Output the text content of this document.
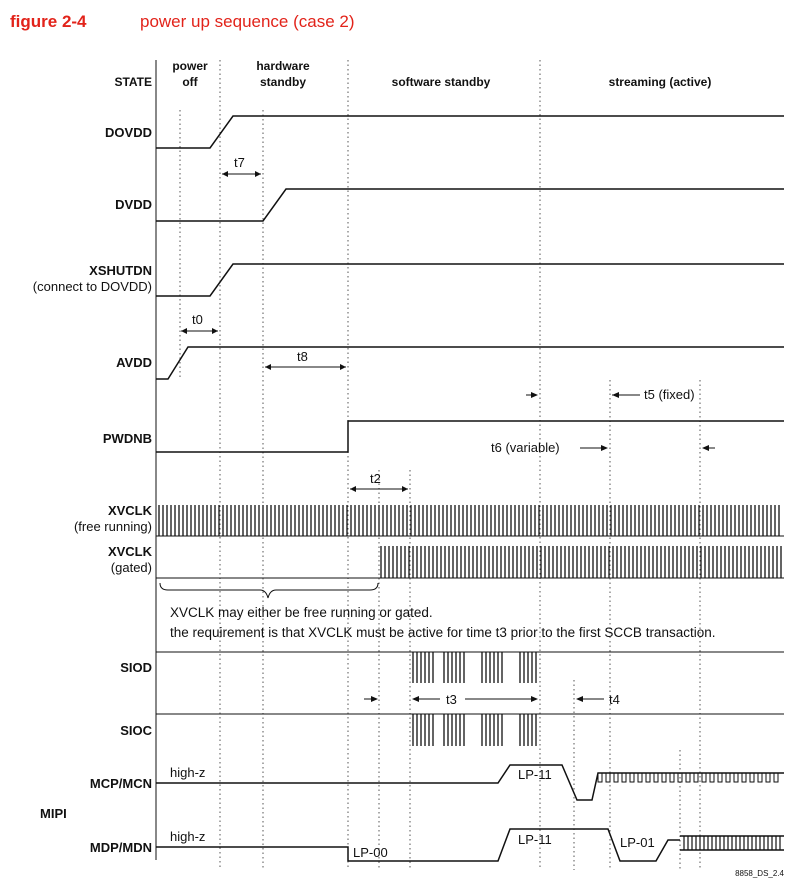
figure 2-4	power up sequence (case 2)
STATE
power
off
hardware
standby	software standby	streaming (active)
DOVDD
DVDD
XSHUTDN
(connect to DOVDD)
AVDD
PWDNB
XVCLK
(free running)
XVCLK
(gated)
SIOD
SIOC
MCP/MCN
MIPI
MDP/MDN
XVCLK may either be free running or gated.
the requirement is that XVCLK must be active for time t3 prior to the first SCCB transaction.
high-z
high-z
LP-11
LP-11
LP-00
LP-01
t7
t0
t8
t5 (fixed)
t6 (variable)
t2
t3	t4
8858_DS_2.4
